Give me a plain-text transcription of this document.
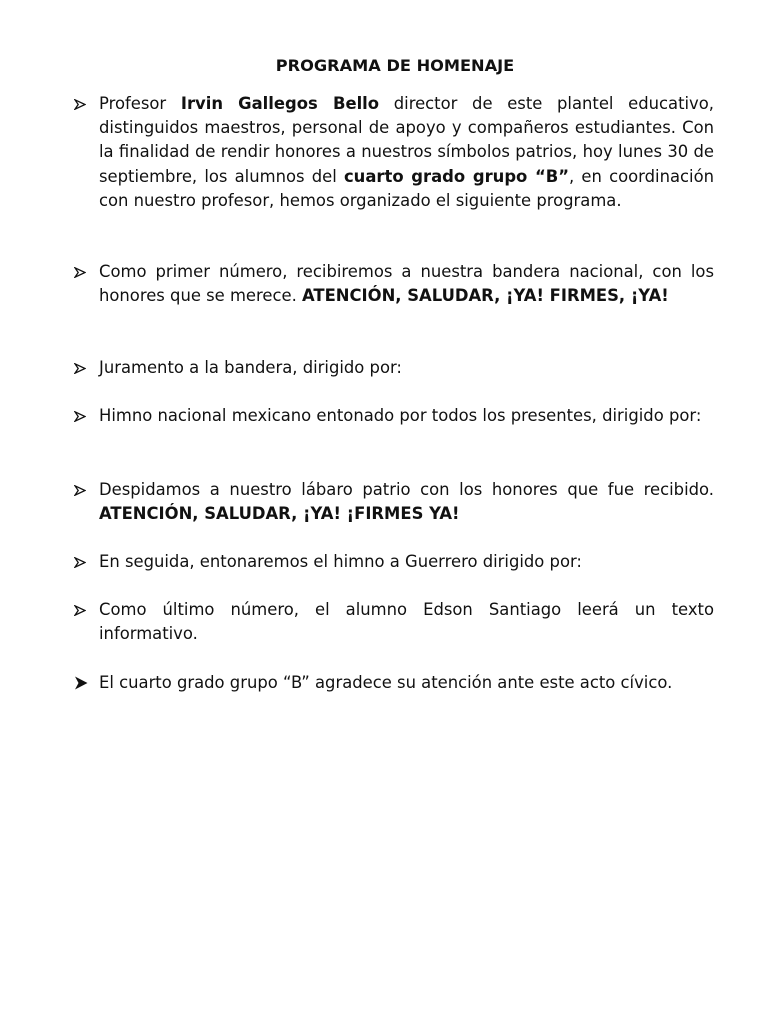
PROGRAMA DE HOMENAJE
Profesor Irvin Gallegos Bello director de este plantel educativo, distinguidos maestros, personal de apoyo y compañeros estudiantes. Con la finalidad de rendir honores a nuestros símbolos patrios, hoy lunes 30 de septiembre, los alumnos del cuarto grado grupo “B”, en coordinación con nuestro profesor, hemos organizado el siguiente programa.
Como primer número, recibiremos a nuestra bandera nacional, con los honores que se merece. ATENCIÓN, SALUDAR, ¡YA! FIRMES, ¡YA!
Juramento a la bandera, dirigido por:
Himno nacional mexicano entonado por todos los presentes, dirigido por:
Despidamos a nuestro lábaro patrio con los honores que fue recibido. ATENCIÓN, SALUDAR, ¡YA! ¡FIRMES YA!
En seguida, entonaremos el himno a Guerrero dirigido por:
Como último número, el alumno Edson Santiago leerá un texto informativo.
El cuarto grado grupo “B” agradece su atención ante este acto cívico.
